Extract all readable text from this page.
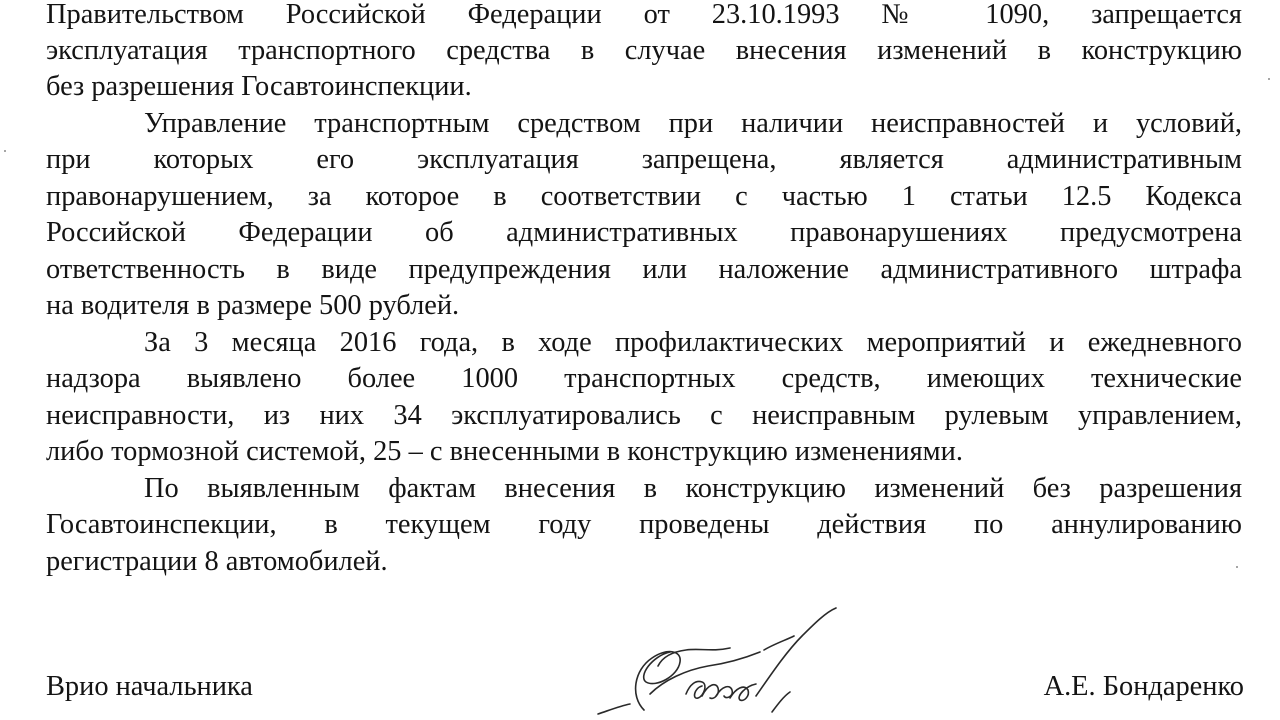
Правительством Российской Федерации от 23.10.1993 № 1090, запрещается
эксплуатация транспортного средства в случае внесения изменений в конструкцию
без разрешения Госавтоинспекции.
Управление транспортным средством при наличии неисправностей и условий,
при которых его эксплуатация запрещена, является административным
правонарушением, за которое в соответствии с частью 1 статьи 12.5 Кодекса
Российской Федерации об административных правонарушениях предусмотрена
ответственность в виде предупреждения или наложение административного штрафа
на водителя в размере 500 рублей.
За 3 месяца 2016 года, в ходе профилактических мероприятий и ежедневного
надзора выявлено более 1000 транспортных средств, имеющих технические
неисправности, из них 34 эксплуатировались с неисправным рулевым управлением,
либо тормозной системой, 25 – с внесенными в конструкцию изменениями.
По выявленным фактам внесения в конструкцию изменений без разрешения
Госавтоинспекции, в текущем году проведены действия по аннулированию
регистрации 8 автомобилей.
Врио начальника	А.Е. Бондаренко
